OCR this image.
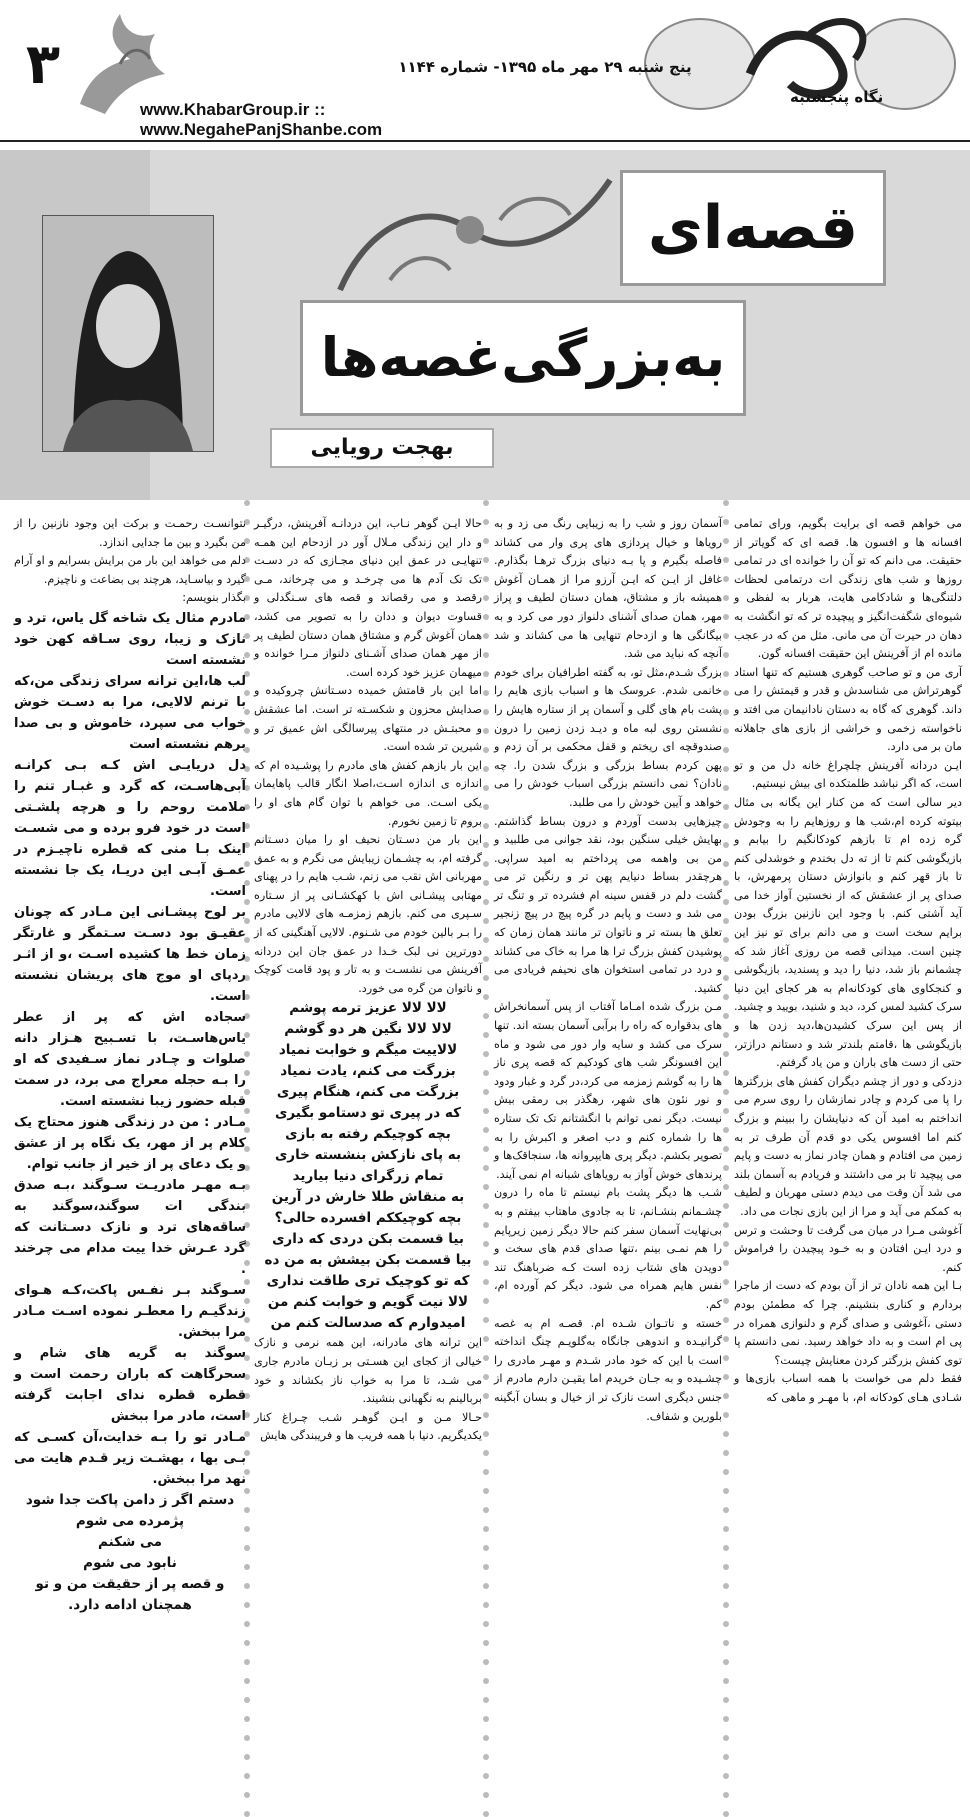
۳	نگاه پنجشنبه
پنج شنبه ۲۹ مهر ماه ۱۳۹۵- شماره ۱۱۴۴
www.KhabarGroup.ir :: www.NegahePanjShanbe.com
قصه‌ای
به‌بزرگی‌غصه‌ها
بهجت رویایی

می خواهم قصه ای برایت بگویم، ورای تمامی افسانه ها و افسون ها. قصه ای که گویاتر از حقیقت. می دانم که تو آن را خوانده ای در تمامی روزها و شب های زندگی ات درتمامی لحظات دلتنگی‌ها و شادکامی هایت، هربار به لفظی و شیوه‌ای شگفت‌انگیز و پیچیده تر که تو انگشت به دهان در حیرت آن می مانی. مثل من که در عجب مانده ام از آفرینش این حقیقت افسانه گون.

آری من و تو صاحب گوهری هستیم که تنها استاد گوهرتراش می شناسدش و قدر و قیمتش را می داند. گوهری که گاه به دستان نادانیمان می افتد و ناخواسته زخمی و خراشی از بازی های جاهلانه مان بر می دارد.

ایـن دردانه آفرینش چلچراغ خانه دل من و تو است، که اگر نباشد ظلمتکده ای بیش نیستیم.

دیر سالی است که من کنار این یگانه بی مثال بیتوته کرده ام،شب ها و روزهایم را به وجودش گره زده ام تا بازهم کودکانگیم را بیابم و بازیگوشی کنم تا از ته دل بخندم و خوشدلی کنم تا باز قهر کنم و بانوازش دستان پرمهرش، با صدای پر از عشقش که از نخستین آواز خدا می آید آشتی کنم. با وجود این نازنین بزرگ بودن برایم سخت است و می دانم برای تو نیز این چنین است. میدانی قصه من روزی آغاز شد که چشمانم باز شد، دنیا را دید و پسندید، بازیگوشی و کنجکاوی های کودکانه‌ام به هر کجای این دنیا سرک کشید لمس کرد، دید و شنید، بویید و چشید. از پس این سرک کشیدن‌ها،دید زدن ها و بازیگوشی ها ،قامتم بلندتر شد و دستانم درازتر، حتی از دست های باران و من یاد گرفتم.

دزدکی و دور از چشم دیگران کفش های بزرگترها را پا می کردم و چادر نمازشان را روی سرم می انداختم به امید آن که دنیایشان را ببینم و بزرگ کنم اما افسوس یکی دو قدم آن طرف تر به زمین می افتادم و همان چادر نماز به دست و پایم می پیچید تا بر می داشتند و فریادم به آسمان بلند می شد آن وقت می دیدم دستی مهربان و لطیف به کمکم می آید و مرا از این بازی نجات می داد.

آغوشی مـرا در میان می گرفت تا وحشت و ترس و درد ایـن افتادن و به خـود پیچیدن را فراموش کنم.

بـا این همه نادان تر از آن بودم که دست از ماجرا بردارم و کناری بنشینم. چرا که مطمئن بودم دستی ،آغوشی و صدای گرم و دلنوازی همراه در پی ام است و به داد خواهد رسید. نمی دانستم پا توی کفش بزرگتر کردن معنایش چیست؟

فقط دلم می خواست با همه اسباب بازی‌ها و شـادی هـای کودکانه ام، با مهـر و ماهی که

آسمان روز و شب را به زیبایی رنگ می زد و به رویاها و خیال پردازی های پری وار می کشاند فاصله بگیرم و پا بـه دنیای بزرگ ترهـا بگذارم. غافل از ایـن که ایـن آرزو مرا از همـان آغوش همیشه باز و مشتاق، همان دستان لطیف و پراز مهر، همان صدای آشنای دلنواز دور می کرد و به بیگانگی ها و ازدحام تنهایی ها می کشاند و شد آنچه که نباید می شد.

بزرگ شـدم،مثل تو، به گفته اطرافیان برای خودم خانمی شدم. عروسک ها و اسباب بازی هایم را پشت بام های گلی و آسمان پر از ستاره هایش را نشستن روی لبه ماه و دیـد زدن زمین را درون صندوقچه ای ریختم و قفل محکمی بر آن زدم و پهن کردم بساط بزرگی و بزرگ شدن را. چه نادان؟ نمی دانستم بزرگی اسباب خودش را می خواهد و آیین خودش را می طلبد.

چیزهایی بدست آوردم و درون بساط گذاشتم. بهایش خیلی سنگین بود، نقد جوانی می طلبید و من بی واهمه می پرداختم به امید سراپی. هرچقدر بساط دنیایم پهن تر و رنگین تر می گشت دلم در قفس سینه ام فشرده تر و تنگ تر می شد و دست و پایم در گره پیچ در پیچ زنجیر تعلق ها بسته تر و ناتوان تر مانند همان زمان که پوشیدن کفش بزرگ ترا ها مرا به خاک می کشاند و درد در تمامی استخوان های نحیفم فریادی می کشید.

مـن بزرگ شده امـاما آفتاب از پس آسمانخراش های بدقواره که راه را برآبی آسمان بسته اند. تنها سرک می کشد و سایه وار دور می شود و ماه این افسونگر شب های کودکیم که قصه پری ناز ها را به گوشم زمزمه می کرد،در گرد و غبار ودود و نور نئون های شهر، رهگذر بی رمقی بیش نیست. دیگر نمی توانم با انگشتانم تک تک ستاره ها را شماره کنم و دب اصغر و اکبرش را به تصویر بکشم. دیگر پری هایپروانه ها، سنجاقک‌ها و پرندهای خوش آواز به رویاهای شبانه ام نمی آیند.

شـب ها دیگر پشت بام نیستم تا ماه را درون چشـمانم بنشـانم، تا به جادوی ماهتاب بیفتم و به بی‌نهایت آسمان سفر کنم حالا دیگر زمین زیرپایم را هم نمـی بینم ،تنها صدای قدم های سخت و دویدن های شتاب زده است کـه ضرباهنگ تند نفس هایم همراه می شود. دیگر کم آورده ام، کم.

خسته و ناتـوان شـده ام. قصـه ام به غصه گرانیـده و اندوهی جانگاه به‌گلویـم چنگ انداخته است با این که خود مادر شـدم و مهـر مادری را چشـیده و به جـان خریدم اما یقیـن دارم مادرم از جنس دیگری است نازک تر از خیال و بسان آبگینه بلورین و شفاف.

حالا ایـن گوهر نـاب، این دردانـه آفرینش، درگیـر و دار این زندگی مـلال آور در ازدحام این همـه تنهایـی در عمق این دنیای مجـازی که در دسـت تک تک آدم ها می چرخـد و می چرخاند، مـی رقصد و می رقصاند و قصه های سـنگدلی و قساوت دیوان و ددان را به تصویر می کشد، همان آغوش گرم و مشتاق همان دستان لطیف پر از مهر همان صدای آشـنای دلنواز مـرا خوانده و میهمان عزیز خود کرده است.

اما این بار قامتش خمیده دسـتانش چروکیده و صدایش محزون و شکسـته تر است. اما عشقش و محبتـش در منتهای پیرسالگی اش عمیق تر و شیرین تر شده است.

این بار بازهم کفش های مادرم را پوشـیده ام که اندازه ی اندازه اسـت،اصلا انگار قالب پاهایمان یکی اسـت. می خواهم با توان گام های او را بروم تا زمین نخورم.

این بار من دسـتان نحیف او را میان دسـتانم گرفته ام، به چشـمان زیبایش می نگرم و به عمق مهربانی اش نقب می زنم، شـب هایم را در پهنای مهتابی پیشـانی اش با کهکشـانی پر از سـتاره سـپری می کنم. بازهم زمزمـه های لالایی مادرم را بـر بالین خودم می شـنوم. لالایی آهنگینی که از دورترین نی لبک خـدا در عمق جان این دردانه آفرینش می نشسـت و به تار و پود قامت کوچک و ناتوان من گره می خورد.

لالا لالا عزیز ترمه پوشم

لالا لالا نگین هر دو گوشم

لالاییت میگم و خوابت نمیاد

بزرگت می کنم، یادت نمیاد

بزرگت می کنم، هنگام پیری

که در پیری تو دستامو بگیری

بچه کوچیکم رفته به بازی

به پای نازکش بنشسته خاری

تمام زرگرای دنیا بیارید

به منقاش طلا خارش در آرین

بچه کوچیککم افسرده حالی؟

بیا قسمت بکن دردی که داری

بیا قسمت بکن بیشش به من ده

که تو کوچیک تری طاقت نداری

لالا نیت گویم و خوابت کنم من

امیدوارم که صدسالت کنم من

این ترانه های مادرانه، این همه نرمی و نازک خیالی از کجای این هسـتی بر زبـان مادرم جاری می شـد، تا مرا به خواب ناز بکشاند و خود بربالینم به نگهبانی بنشیند.

حـالا مـن و ایـن گوهـر شـب چـراغ کنار یکدیگریم. دنیا با همه فریب ها و فریبندگی هایش

نتوانسـت رحمـت و برکت این وجود نازنین را از من بگیرد و بین ما جدایی اندازد.

دلم می خواهد این بار من برایش بسرایم و او آرام گیرد و بیاسـاید، هرچند بی بضاعت و ناچیزم.

بگذار بنویسم:

مادرم مثال یک شاخه گل یاس، ترد و نازک و زیبا، روی سـاقه کهن خود نشسته است

لب ها،این ترانه سرای زندگی من،که با ترنم لالایی، مرا به دسـت خوش خواب می سپرد، خاموش و بی صدا برهم نشسته است

دل دریایـی اش کـه بـی کرانـه آبی‌هاسـت، که گرد و غبـار تنم را ملامت روحم را و هرچه پلشـتی است در خود فرو برده و می شسـت اینک بـا منی که قطره ناچیـزم در عمـق آبـی این دریـا، یک جا نشسته است.

بر لوح پیشـانی این مـادر که چونان عقیـق بود دسـت سـتمگر و غارتگر زمان خط ها کشیده اسـت ،و از اثـر ردپای او موج های پریشان نشسته است.

سجاده اش که پر از عطر یاس‌هاسـت، با تسـبیح هـزار دانه صلوات و چـادر نماز سـفیدی که او را بـه حجله معراج می برد، در سمت قبله حضور زیبا نشسته است.

مـادر : من در زندگی هنوز محتاج یک کلام پر از مهر، یک نگاه پر از عشق و یک دعای پر از خیر از جانب توام.

بـه مهـر مادریـت سـوگند ،بـه صدق بندگی ات سوگند،سوگند به ساقه‌های ترد و نازک دسـتانت که گرد عـرش خدا ییت مدام می چرخند .

سـوگند بـر نفـس پاکت،کـه هـوای زندگیـم را معطـر نموده اسـت مـادر مرا ببخش.

سوگند به گریه های شام و سحرگاهت که باران رحمت است و قطره قطره ندای اجابت گرفته است، مادر مرا ببخش

مـادر تو را بـه خدایت،آن کسـی که بـی بها ، بهشـت زیر قـدم هایت می نهد مرا ببخش.

دستم اگر ز دامن پاکت جدا شود

پژمرده می شوم

می شکنم

نابود می شوم

و قصه پر از حقیقت من و تو همچنان ادامه دارد.
